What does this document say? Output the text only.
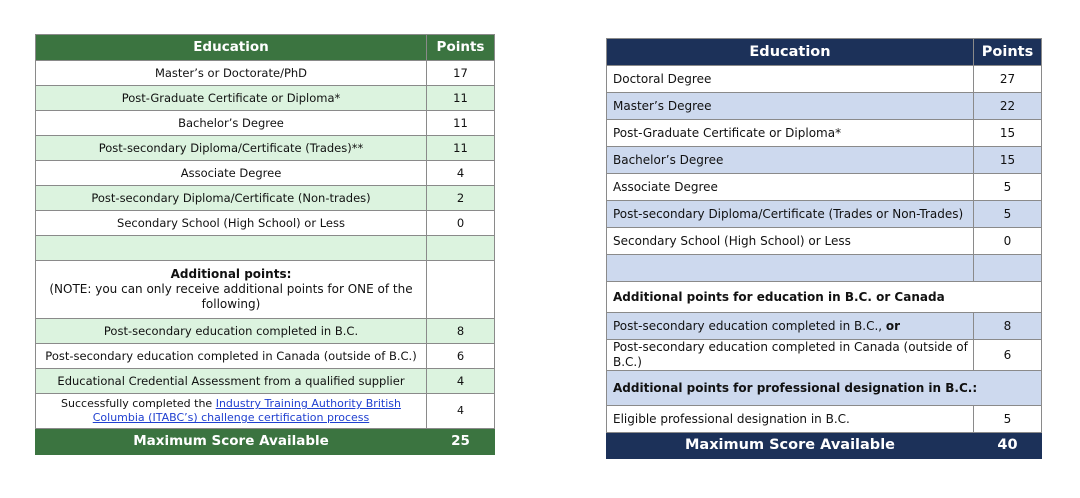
Education	Points
Master’s or Doctorate/PhD	17
Post-Graduate Certificate or Diploma*	11
Bachelor’s Degree	11
Post-secondary Diploma/Certificate (Trades)**	11
Associate Degree	4
Post-secondary Diploma/Certificate (Non-trades)	2
Secondary School (High School) or Less	0

Additional points:
(NOTE: you can only receive additional points for ONE of the following)	

Post-secondary education completed in B.C.	8
Post-secondary education completed in Canada (outside of B.C.)	6
Educational Credential Assessment from a qualified supplier	4
Successfully completed the Industry Training Authority British Columbia (ITABC’s) challenge certification process	4
Maximum Score Available	25
Education	Points
Doctoral Degree	27
Master’s Degree	22
Post-Graduate Certificate or Diploma*	15
Bachelor’s Degree	15
Associate Degree	5
Post-secondary Diploma/Certificate (Trades or Non-Trades)	5
Secondary School (High School) or Less	0

Additional points for education in B.C. or Canada	
Post-secondary education completed in B.C., or	8
Post-secondary education completed in Canada (outside of B.C.)	6
Additional points for professional designation in B.C.:	
Eligible professional designation in B.C.	5
Maximum Score Available	40
